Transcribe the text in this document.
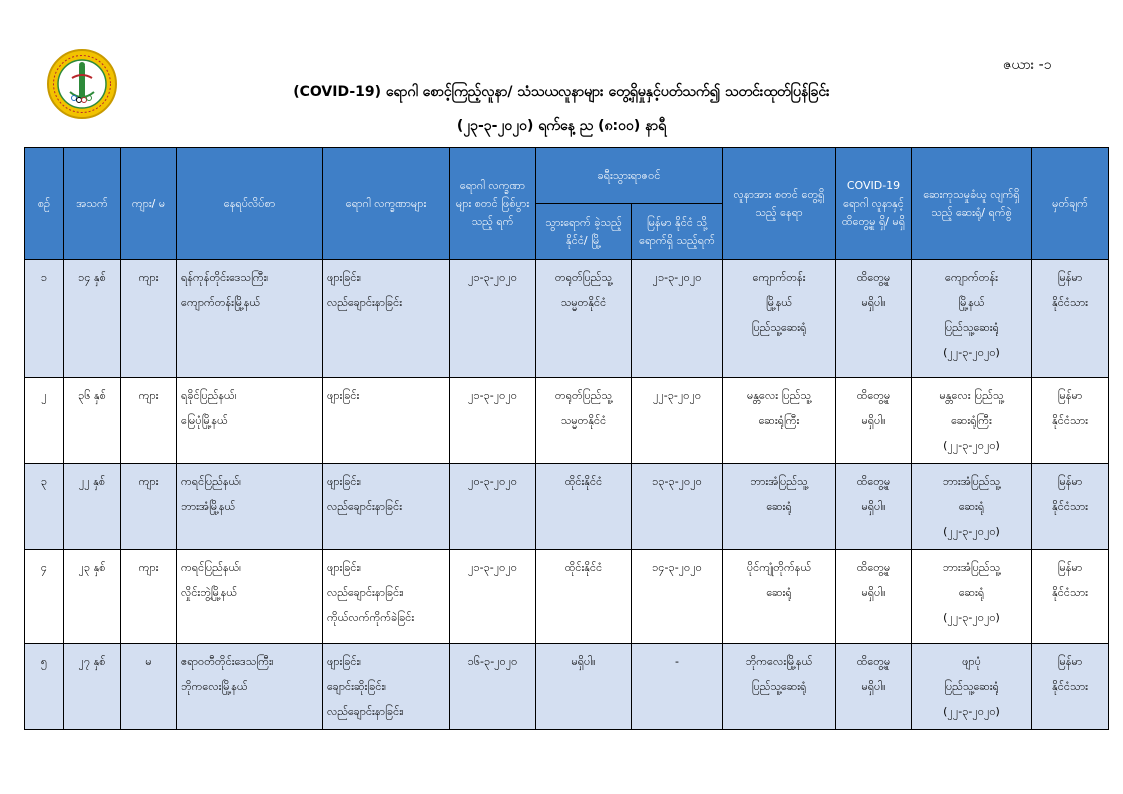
ဇယား -၁
(COVID-19) ရောဂါ စောင့်ကြည့်လူနာ/ သံသယလူနာများ တွေ့ရှိမှုနှင့်ပတ်သက်၍ သတင်းထုတ်ပြန်ခြင်း
(၂၃-၃-၂၀၂၀) ရက်နေ့ ည (၈:၀၀) နာရီ
စဉ်	အသက်	ကျား/ မ	နေရပ်လိပ်စာ	ရောဂါ လက္ခဏာများ	ရောဂါ လက္ခဏာများ စတင် ဖြစ်ပွားသည့် ရက်	ခရီးသွားရာဇဝင်		လူနာအား စတင် တွေ့ရှိသည့် နေရာ	COVID-19 ရောဂါ လူနာနှင့် ထိတွေ့မှု ရှိ/ မရှိ	ဆေးကုသမှုခံယူ လျက်ရှိသည့် ဆေးရုံ/ ရက်စွဲ	မှတ်ချက်
						သွားရောက် ခဲ့သည့် နိုင်ငံ/ မြို့	မြန်မာ နိုင်ငံ သို့ ရောက်ရှိ သည့်ရက်				
၁	၁၄ နှစ်	ကျား	ရန်ကုန်တိုင်းဒေသကြီး၊
ကျောက်တန်းမြို့နယ်	ဖျားခြင်း၊
လည်ချောင်းနာခြင်း	၂၁-၃-၂၀၂၀	တရုတ်ပြည်သူ့
သမ္မတနိုင်ငံ	၂၁-၃-၂၀၂၀	ကျောက်တန်း
မြို့နယ်
ပြည်သူ့ဆေးရုံ	ထိတွေ့မှု
မရှိပါ။	ကျောက်တန်း
မြို့နယ်
ပြည်သူ့ဆေးရုံ
(၂၂-၃-၂၀၂၀)	မြန်မာ
နိုင်ငံသား

၂	၃၆ နှစ်	ကျား	ရခိုင်ပြည်နယ်၊
မြေပုံမြို့နယ်	ဖျားခြင်း	၂၁-၃-၂၀၂၀	တရုတ်ပြည်သူ့
သမ္မတနိုင်ငံ	၂၂-၃-၂၀၂၀	မန္တလေး ပြည်သူ့
ဆေးရုံကြီး	ထိတွေ့မှု
မရှိပါ။	မန္တလေး ပြည်သူ့
ဆေးရုံကြီး
(၂၂-၃-၂၀၂၀)	မြန်မာ
နိုင်ငံသား

၃	၂၂ နှစ်	ကျား	ကရင်ပြည်နယ်၊
ဘားအံမြို့နယ်	ဖျားခြင်း၊
လည်ချောင်းနာခြင်း	၂၀-၃-၂၀၂၀	ထိုင်းနိုင်ငံ	၁၃-၃-၂၀၂၀	ဘားအံပြည်သူ့
ဆေးရုံ	ထိတွေ့မှု
မရှိပါ။	ဘားအံပြည်သူ့
ဆေးရုံ
(၂၂-၃-၂၀၂၀)	မြန်မာ
နိုင်ငံသား

၄	၂၃ နှစ်	ကျား	ကရင်ပြည်နယ်၊
လှိုင်းဘွဲ့မြို့နယ်	ဖျားခြင်း၊
လည်ချောင်းနာခြင်း၊
ကိုယ်လက်ကိုက်ခဲခြင်း	၂၁-၃-၂၀၂၀	ထိုင်းနိုင်ငံ	၁၄-၃-၂၀၂၀	ပိုင်ကျုံတိုက်နယ်
ဆေးရုံ	ထိတွေ့မှု
မရှိပါ။	ဘားအံပြည်သူ့
ဆေးရုံ
(၂၂-၃-၂၀၂၀)	မြန်မာ
နိုင်ငံသား

၅	၂၇ နှစ်	မ	ဧရာဝတီတိုင်းဒေသကြီး၊
ဘိုကလေးမြို့နယ်	ဖျားခြင်း၊
ချောင်းဆိုးခြင်း၊
လည်ချောင်းနာခြင်း၊	၁၆-၃-၂၀၂၀	မရှိပါ။	-	ဘိုကလေးမြို့နယ်
ပြည်သူ့ဆေးရုံ	ထိတွေ့မှု
မရှိပါ။	ဖျာပုံ
ပြည်သူ့ဆေးရုံ
(၂၂-၃-၂၀၂၀)	မြန်မာ
နိုင်ငံသား
